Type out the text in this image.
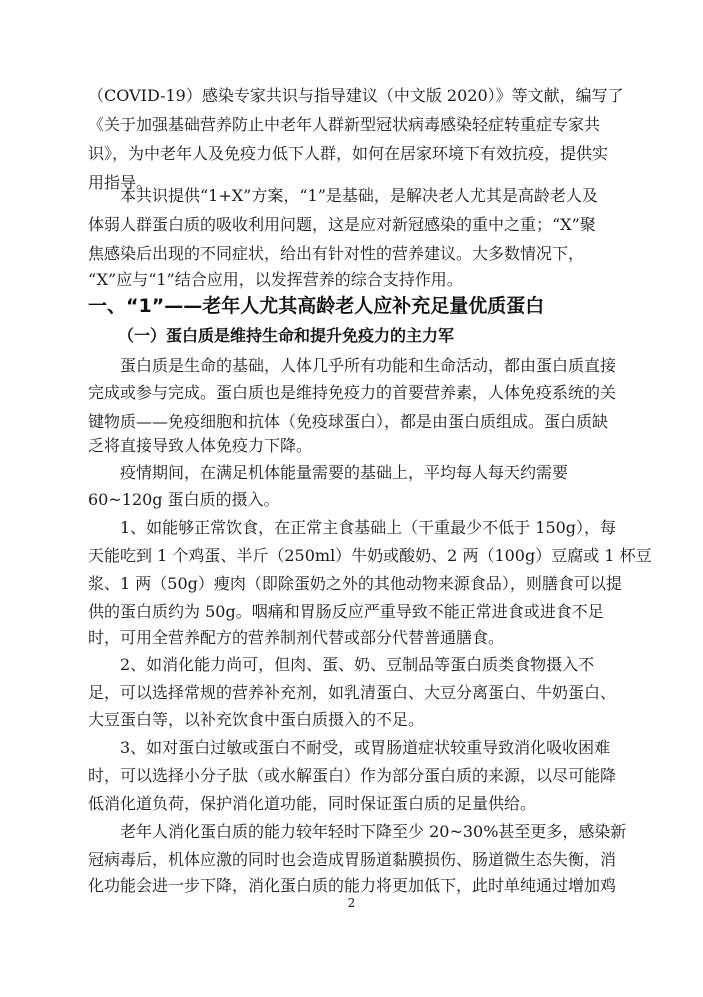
（COVID-19）感染专家共识与指导建议（中文版 2020）》等文献，编写了
《关于加强基础营养防止中老年人群新型冠状病毒感染轻症转重症专家共
识》，为中老年人及免疫力低下人群，如何在居家环境下有效抗疫，提供实
用指导。
本共识提供“1+X”方案，“1”是基础，是解决老人尤其是高龄老人及
体弱人群蛋白质的吸收利用问题，这是应对新冠感染的重中之重；“X”聚
焦感染后出现的不同症状，给出有针对性的营养建议。大多数情况下，
“X”应与“1”结合应用，以发挥营养的综合支持作用。
一、“1”——老年人尤其高龄老人应补充足量优质蛋白
（一）蛋白质是维持生命和提升免疫力的主力军
蛋白质是生命的基础，人体几乎所有功能和生命活动，都由蛋白质直接
完成或参与完成。蛋白质也是维持免疫力的首要营养素，人体免疫系统的关
键物质——免疫细胞和抗体（免疫球蛋白），都是由蛋白质组成。蛋白质缺
乏将直接导致人体免疫力下降。
疫情期间，在满足机体能量需要的基础上，平均每人每天约需要
60~120g 蛋白质的摄入。
1、如能够正常饮食，在正常主食基础上（干重最少不低于 150g），每
天能吃到 1 个鸡蛋、半斤（250ml）牛奶或酸奶、2 两（100g）豆腐或 1 杯豆
浆、1 两（50g）瘦肉（即除蛋奶之外的其他动物来源食品），则膳食可以提
供的蛋白质约为 50g。咽痛和胃肠反应严重导致不能正常进食或进食不足
时，可用全营养配方的营养制剂代替或部分代替普通膳食。
2、如消化能力尚可，但肉、蛋、奶、豆制品等蛋白质类食物摄入不
足，可以选择常规的营养补充剂，如乳清蛋白、大豆分离蛋白、牛奶蛋白、
大豆蛋白等，以补充饮食中蛋白质摄入的不足。
3、如对蛋白过敏或蛋白不耐受，或胃肠道症状较重导致消化吸收困难
时，可以选择小分子肽（或水解蛋白）作为部分蛋白质的来源，以尽可能降
低消化道负荷，保护消化道功能，同时保证蛋白质的足量供给。
老年人消化蛋白质的能力较年轻时下降至少 20~30%甚至更多，感染新
冠病毒后，机体应激的同时也会造成胃肠道黏膜损伤、肠道微生态失衡，消
化功能会进一步下降，消化蛋白质的能力将更加低下，此时单纯通过增加鸡
2
